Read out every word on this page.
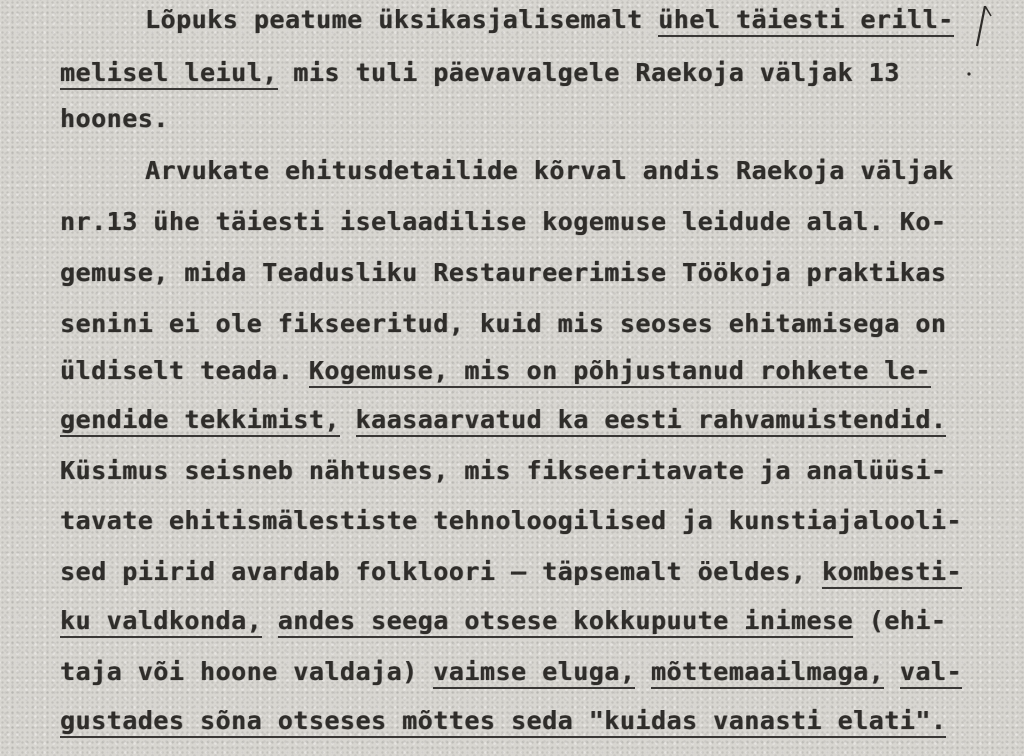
Lõpuks peatume üksikasjalisemalt ühel täiesti erill-
melisel leiul, mis tuli päevavalgele Raekoja väljak 13
hoones.
Arvukate ehitusdetailide kõrval andis Raekoja väljak
nr.13 ühe täiesti iselaadilise kogemuse leidude alal. Ko-
gemuse, mida Teadusliku Restaureerimise Töökoja praktikas
senini ei ole fikseeritud, kuid mis seoses ehitamisega on
üldiselt teada. Kogemuse, mis on põhjustanud rohkete le-
gendide tekkimist, kaasaarvatud ka eesti rahvamuistendid.
Küsimus seisneb nähtuses, mis fikseeritavate ja analüüsi-
tavate ehitismälestiste tehnoloogilised ja kunstiajalooli-
sed piirid avardab folkloori – täpsemalt öeldes, kombesti-
ku valdkonda, andes seega otsese kokkupuute inimese (ehi-
taja või hoone valdaja) vaimse eluga, mõttemaailmaga, val-
gustades sõna otseses mõttes seda "kuidas vanasti elati".
